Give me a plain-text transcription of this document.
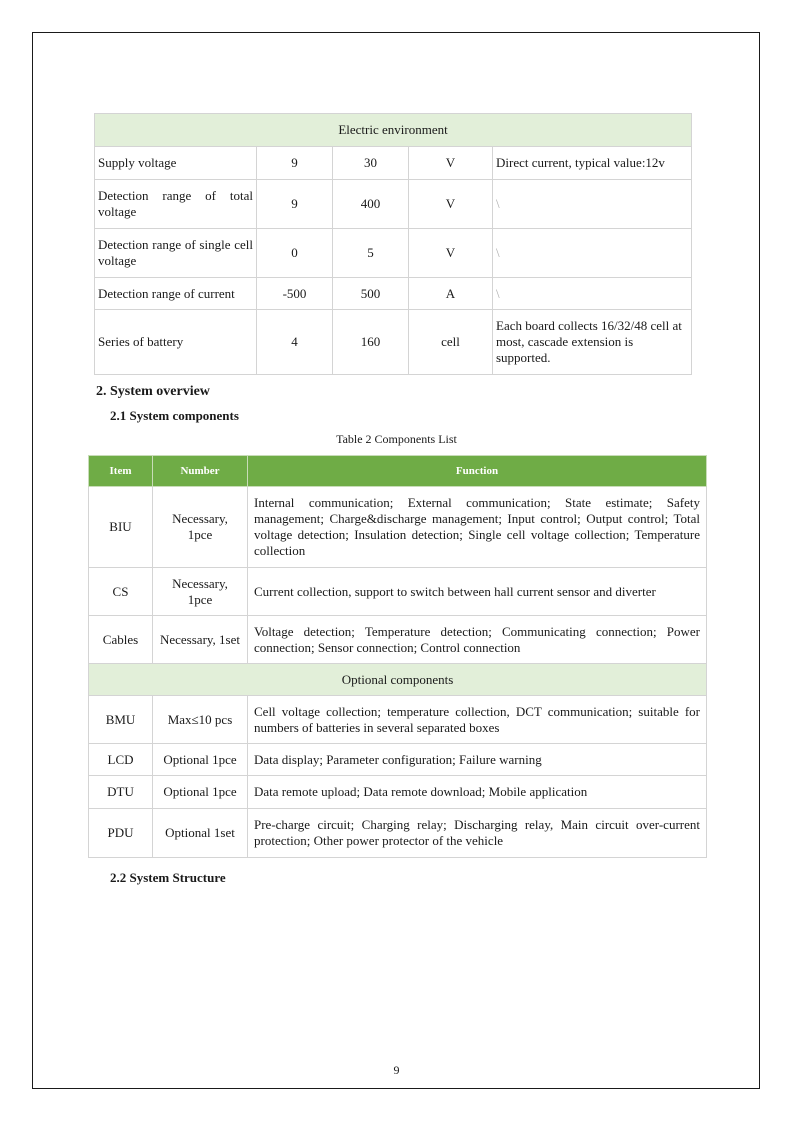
Electric environment				
Supply voltage	9	30	V	Direct current, typical value:12v
Detection range of total voltage	9	400	V	\
Detection range of single cell voltage	0	5	V	\
Detection range of current	-500	500	A	\
Series of battery	4	160	cell	Each board collects 16/32/48 cell at most, cascade extension is supported.
2. System overview
2.1 System components
Table 2 Components List
Item	Number	Function
BIU	Necessary, 1pce	Internal communication; External communication; State estimate; Safety management; Charge&discharge management; Input control; Output control; Total voltage detection; Insulation detection; Single cell voltage collection; Temperature collection
CS	Necessary, 1pce	Current collection, support to switch between hall current sensor and diverter
Cables	Necessary, 1set	Voltage detection; Temperature detection; Communicating connection; Power connection; Sensor connection; Control connection
Optional components		
BMU	Max≤10 pcs	Cell voltage collection; temperature collection, DCT communication; suitable for numbers of batteries in several separated boxes
LCD	Optional 1pce	Data display; Parameter configuration; Failure warning
DTU	Optional 1pce	Data remote upload; Data remote download; Mobile application
PDU	Optional 1set	Pre-charge circuit; Charging relay; Discharging relay, Main circuit over-current protection; Other power protector of the vehicle
2.2 System Structure
9
